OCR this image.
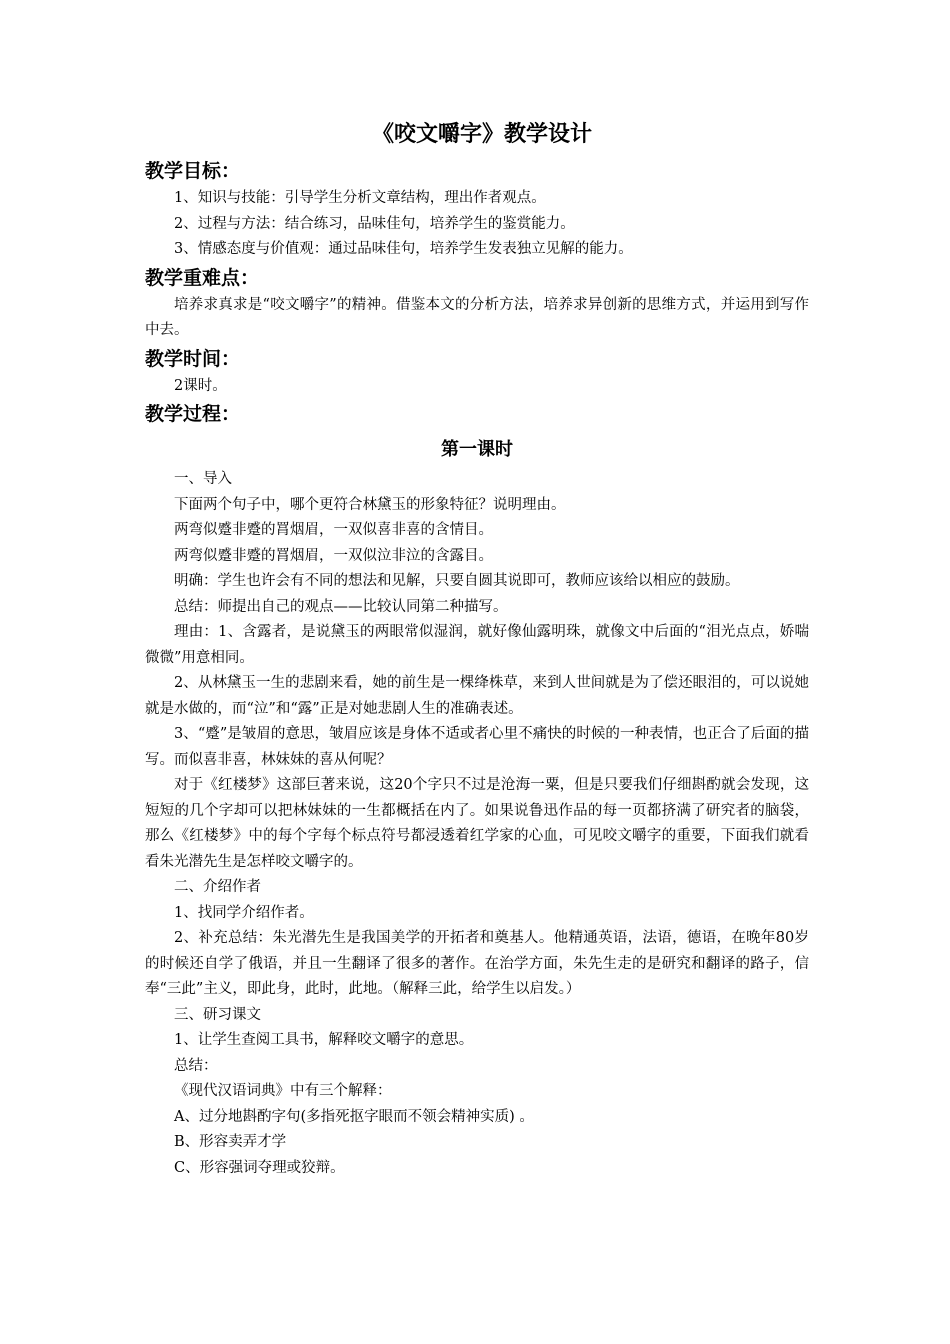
《咬文嚼字》教学设计
教学目标：

1、知识与技能：引导学生分析文章结构，理出作者观点。

2、过程与方法：结合练习，品味佳句，培养学生的鉴赏能力。

3、情感态度与价值观：通过品味佳句，培养学生发表独立见解的能力。

教学重难点：

培养求真求是“咬文嚼字”的精神。借鉴本文的分析方法，培养求异创新的思维方式，并运用到写作中去。

教学时间：

2课时。

教学过程：
第一课时

一、导入

下面两个句子中，哪个更符合林黛玉的形象特征？说明理由。

两弯似蹙非蹙的罥烟眉，一双似喜非喜的含情目。

两弯似蹙非蹙的罥烟眉，一双似泣非泣的含露目。

明确：学生也许会有不同的想法和见解，只要自圆其说即可，教师应该给以相应的鼓励。

总结：师提出自己的观点——比较认同第二种描写。

理由：1、含露者，是说黛玉的两眼常似湿润，就好像仙露明珠，就像文中后面的“泪光点点，娇喘微微”用意相同。

2、从林黛玉一生的悲剧来看，她的前生是一棵绛株草，来到人世间就是为了偿还眼泪的，可以说她就是水做的，而“泣”和“露”正是对她悲剧人生的准确表述。

3、“蹙”是皱眉的意思，皱眉应该是身体不适或者心里不痛快的时候的一种表情，也正合了后面的描写。而似喜非喜，林妹妹的喜从何呢？

对于《红楼梦》这部巨著来说，这20个字只不过是沧海一粟，但是只要我们仔细斟酌就会发现，这短短的几个字却可以把林妹妹的一生都概括在内了。如果说鲁迅作品的每一页都挤满了研究者的脑袋，那么《红楼梦》中的每个字每个标点符号都浸透着红学家的心血，可见咬文嚼字的重要，下面我们就看看朱光潜先生是怎样咬文嚼字的。

二、介绍作者

1、找同学介绍作者。

2、补充总结：朱光潜先生是我国美学的开拓者和奠基人。他精通英语，法语，德语，在晚年80岁的时候还自学了俄语，并且一生翻译了很多的著作。在治学方面，朱先生走的是研究和翻译的路子，信奉“三此”主义，即此身，此时，此地。（解释三此，给学生以启发。）

三、研习课文

1、让学生查阅工具书，解释咬文嚼字的意思。

总结：

《现代汉语词典》中有三个解释：

A、过分地斟酌字句(多指死抠字眼而不领会精神实质) 。

B、形容卖弄才学

C、形容强词夺理或狡辩。
